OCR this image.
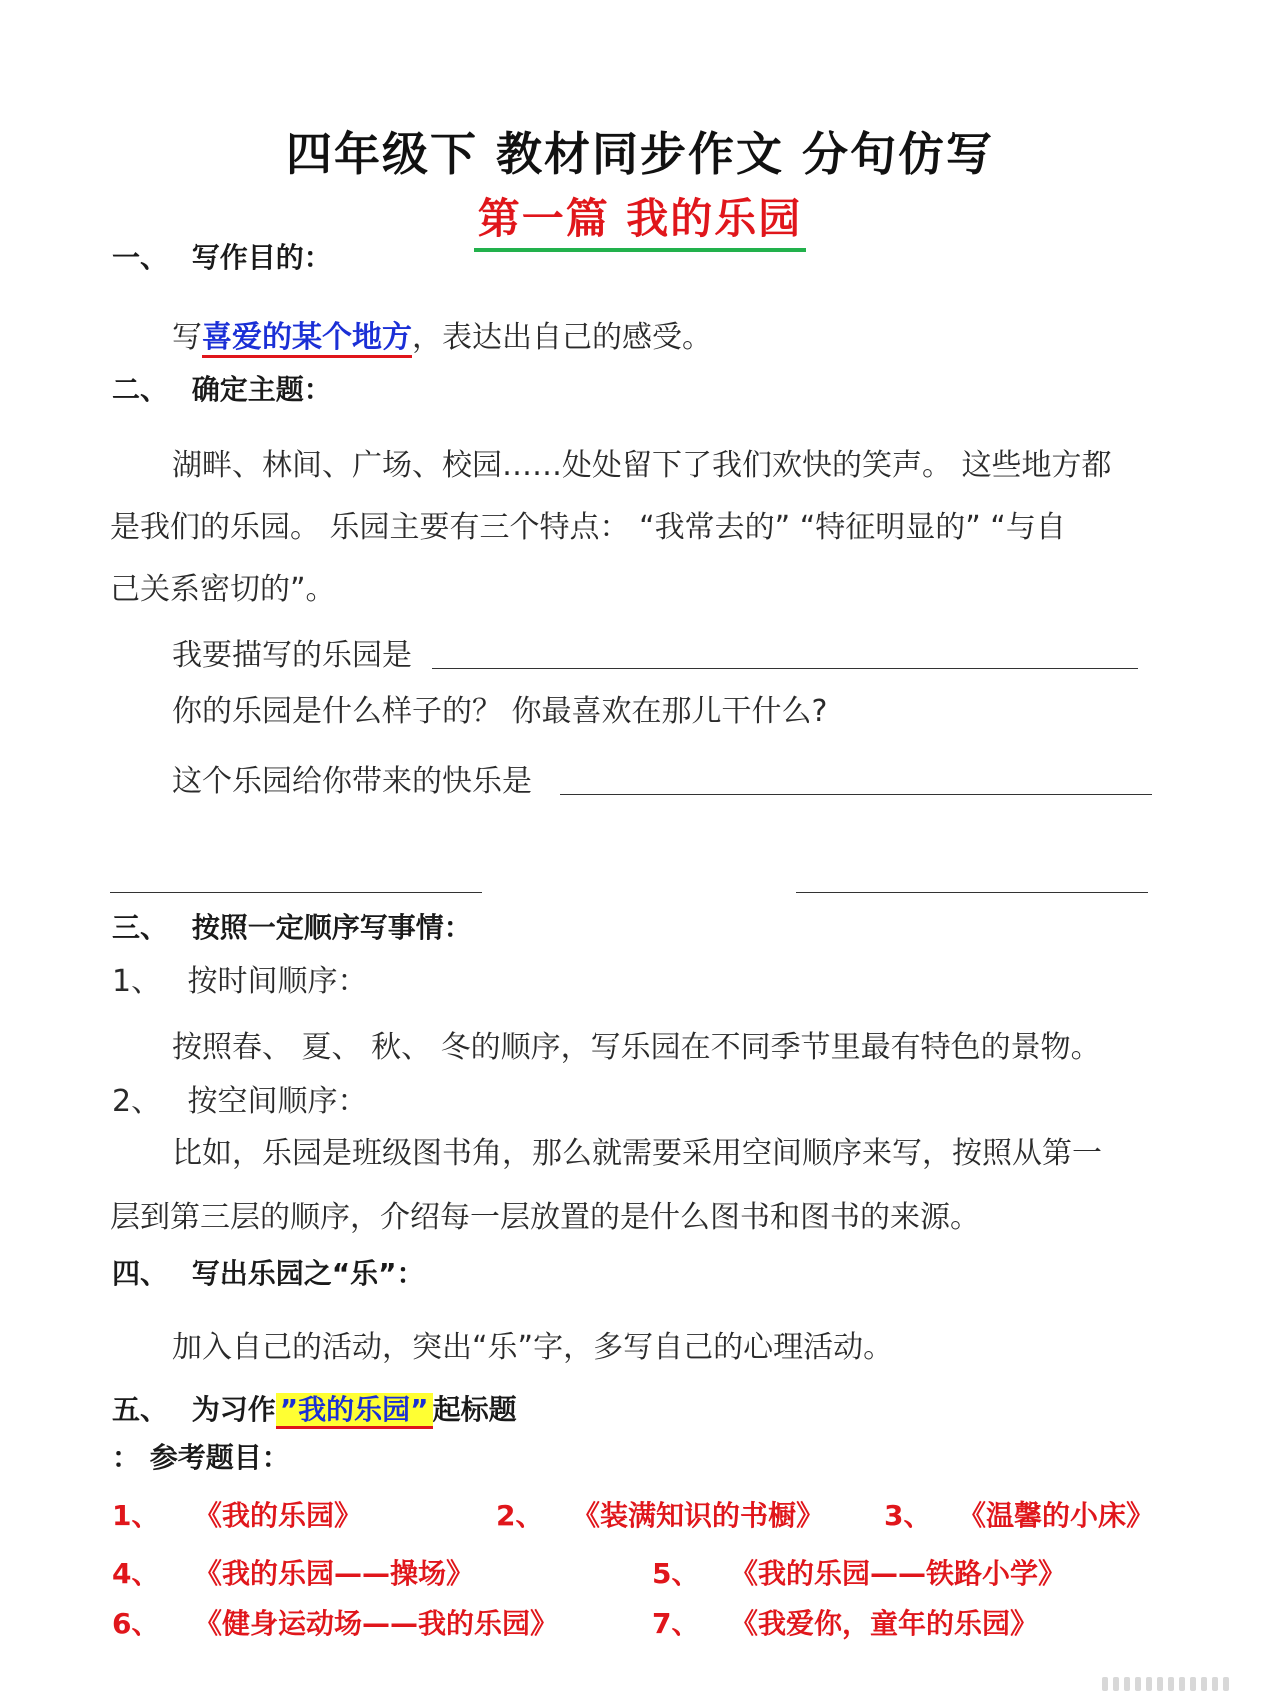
四年级下 教材同步作文 分句仿写
第一篇 我的乐园
一、 写作目的：
写喜爱的某个地方，表达出自己的感受。
二、 确定主题：
湖畔、林间、广场、校园……处处留下了我们欢快的笑声。 这些地方都
是我们的乐园。 乐园主要有三个特点： “我常去的” “特征明显的” “与自
己关系密切的”。
我要描写的乐园是
你的乐园是什么样子的？ 你最喜欢在那儿干什么?
这个乐园给你带来的快乐是
三、 按照一定顺序写事情：
1、 按时间顺序：
按照春、 夏、 秋、 冬的顺序，写乐园在不同季节里最有特色的景物。
2、 按空间顺序：
比如，乐园是班级图书角，那么就需要采用空间顺序来写，按照从第一
层到第三层的顺序，介绍每一层放置的是什么图书和图书的来源。
四、 写出乐园之“乐”：
加入自己的活动，突出“乐”字，多写自己的心理活动。
五、 为习作 ”我的乐园” 起标题
： 参考题目：
1、 《我的乐园》	2、 《装满知识的书橱》 3、 《温馨的小床》
4、 《我的乐园——操场》	5、 《我的乐园——铁路小学》
6、 《健身运动场——我的乐园》	7、 《我爱你，童年的乐园》
